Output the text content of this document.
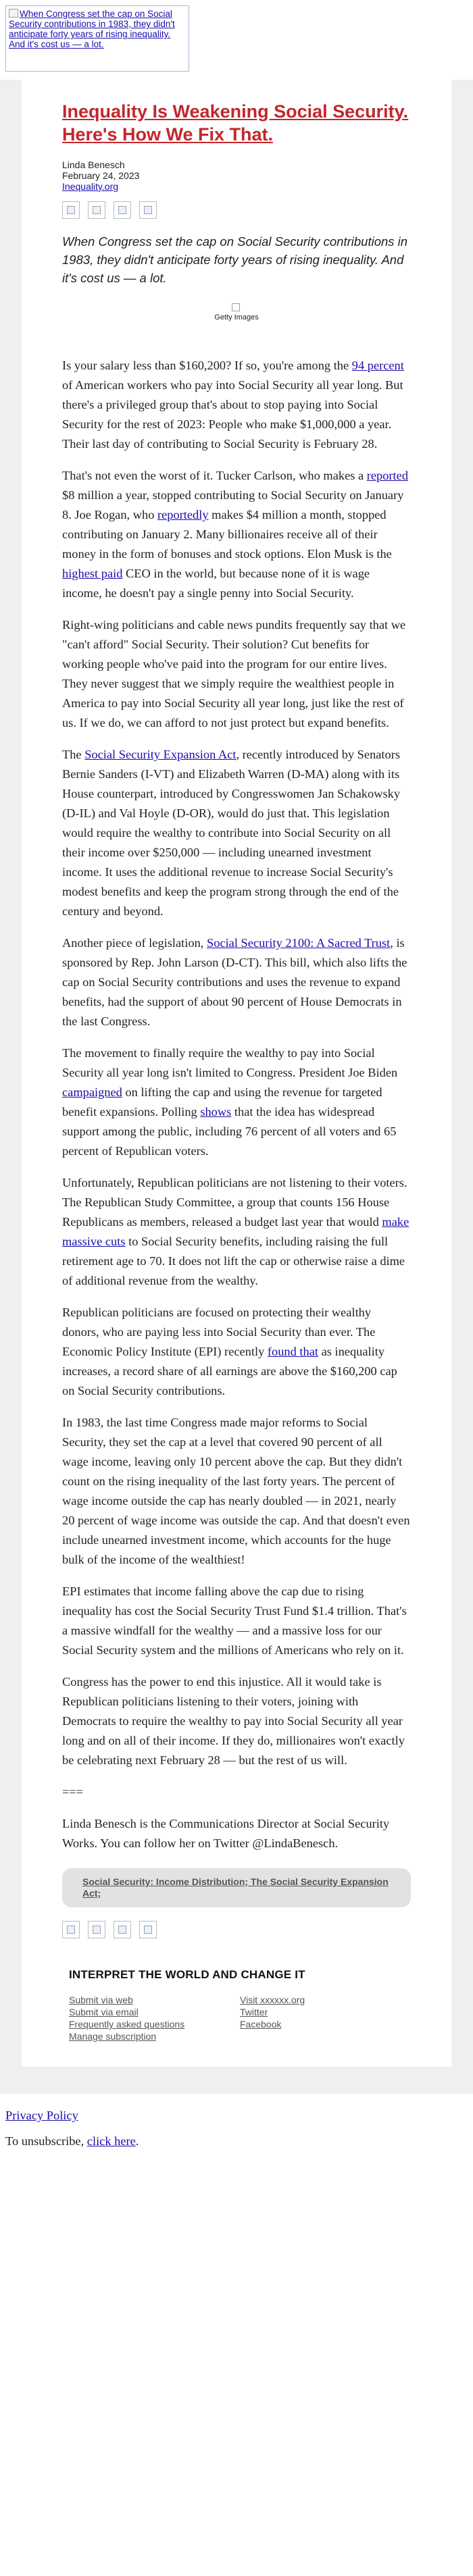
When Congress set the cap on Social Security contributions in 1983, they didn't anticipate forty years of rising inequality. And it's cost us — a lot.
Inequality Is Weakening Social Security. Here's How We Fix That.
Linda Benesch
February 24, 2023
Inequality.org
When Congress set the cap on Social Security contributions in 1983, they didn't anticipate forty years of rising inequality. And it's cost us — a lot.
Getty Images

Is your salary less than $160,200? If so, you're among the 94 percent of American workers who pay into Social Security all year long. But there's a privileged group that's about to stop paying into Social Security for the rest of 2023: People who make $1,000,000 a year. Their last day of contributing to Social Security is February 28.

That's not even the worst of it. Tucker Carlson, who makes a reported $8 million a year, stopped contributing to Social Security on January 8. Joe Rogan, who reportedly makes $4 million a month, stopped contributing on January 2. Many billionaires receive all of their money in the form of bonuses and stock options. Elon Musk is the highest paid CEO in the world, but because none of it is wage income, he doesn't pay a single penny into Social Security.

Right-wing politicians and cable news pundits frequently say that we "can't afford" Social Security. Their solution? Cut benefits for working people who've paid into the program for our entire lives. They never suggest that we simply require the wealthiest people in America to pay into Social Security all year long, just like the rest of us. If we do, we can afford to not just protect but expand benefits.

The Social Security Expansion Act, recently introduced by Senators Bernie Sanders (I-VT) and Elizabeth Warren (D-MA) along with its House counterpart, introduced by Congresswomen Jan Schakowsky (D-IL) and Val Hoyle (D-OR), would do just that. This legislation would require the wealthy to contribute into Social Security on all their income over $250,000 — including unearned investment income. It uses the additional revenue to increase Social Security's modest benefits and keep the program strong through the end of the century and beyond.

Another piece of legislation, Social Security 2100: A Sacred Trust, is sponsored by Rep. John Larson (D-CT). This bill, which also lifts the cap on Social Security contributions and uses the revenue to expand benefits, had the support of about 90 percent of House Democrats in the last Congress.

The movement to finally require the wealthy to pay into Social Security all year long isn't limited to Congress. President Joe Biden campaigned on lifting the cap and using the revenue for targeted benefit expansions. Polling shows that the idea has widespread support among the public, including 76 percent of all voters and 65 percent of Republican voters.

Unfortunately, Republican politicians are not listening to their voters. The Republican Study Committee, a group that counts 156 House Republicans as members, released a budget last year that would make massive cuts to Social Security benefits, including raising the full retirement age to 70. It does not lift the cap or otherwise raise a dime of additional revenue from the wealthy.

Republican politicians are focused on protecting their wealthy donors, who are paying less into Social Security than ever. The Economic Policy Institute (EPI) recently found that as inequality increases, a record share of all earnings are above the $160,200 cap on Social Security contributions.

In 1983, the last time Congress made major reforms to Social Security, they set the cap at a level that covered 90 percent of all wage income, leaving only 10 percent above the cap. But they didn't count on the rising inequality of the last forty years. The percent of wage income outside the cap has nearly doubled — in 2021, nearly 20 percent of wage income was outside the cap. And that doesn't even include unearned investment income, which accounts for the huge bulk of the income of the wealthiest!

EPI estimates that income falling above the cap due to rising inequality has cost the Social Security Trust Fund $1.4 trillion. That's a massive windfall for the wealthy — and a massive loss for our Social Security system and the millions of Americans who rely on it.

Congress has the power to end this injustice. All it would take is Republican politicians listening to their voters, joining with Democrats to require the wealthy to pay into Social Security all year long and on all of their income. If they do, millionaires won't exactly be celebrating next February 28 — but the rest of us will.

===

Linda Benesch is the Communications Director at Social Security Works. You can follow her on Twitter @LindaBenesch.

Social Security: Income Distribution; The Social Security Expansion Act;
INTERPRET THE WORLD AND CHANGE IT
Submit via web
Submit via email
Frequently asked questions
Manage subscription
Visit xxxxxx.org
Twitter
Facebook

Privacy Policy

To unsubscribe, click here.
